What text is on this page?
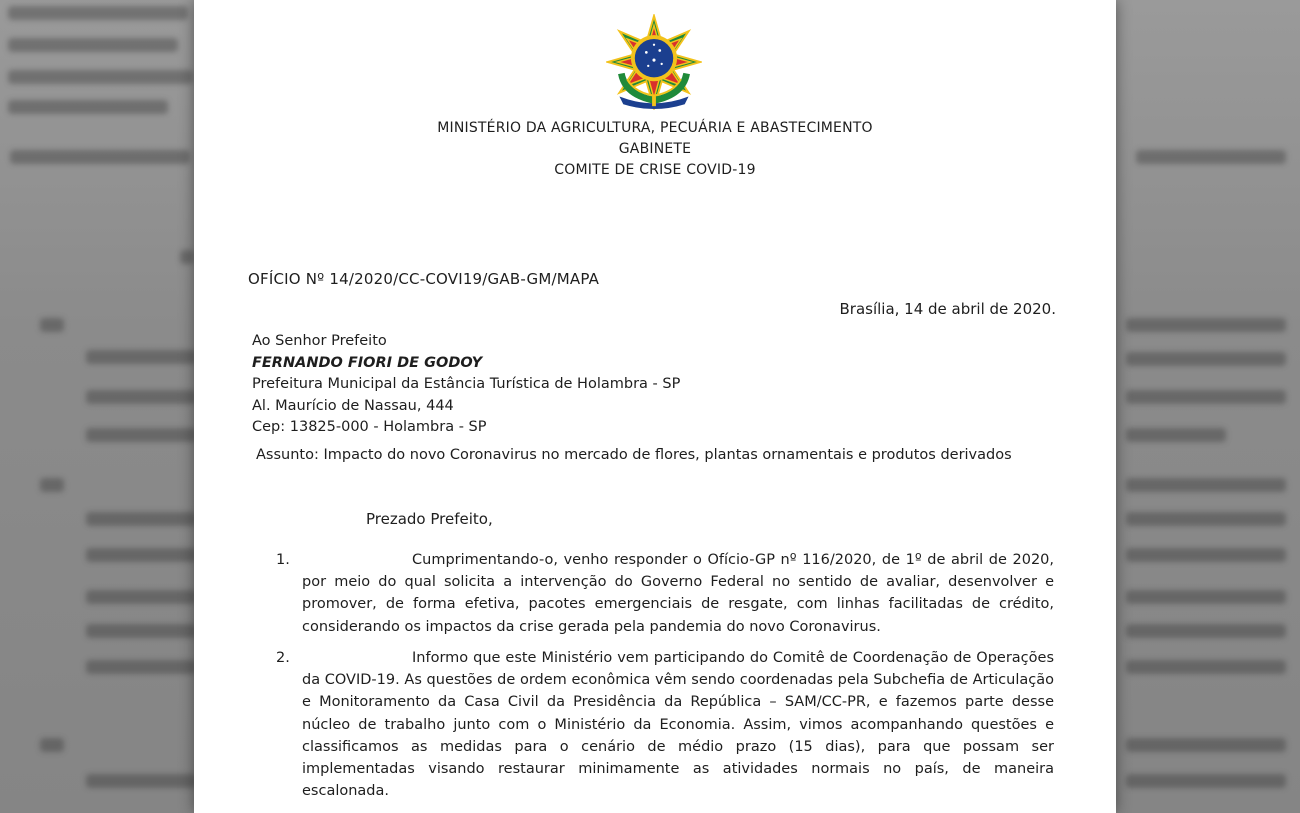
MINISTÉRIO DA AGRICULTURA, PECUÁRIA E ABASTECIMENTO
GABINETE
COMITE DE CRISE COVID-19
OFÍCIO Nº 14/2020/CC-COVI19/GAB-GM/MAPA
Brasília, 14 de abril de 2020.
Ao Senhor Prefeito
FERNANDO FIORI DE GODOY
Prefeitura Municipal da Estância Turística de Holambra - SP
Al. Maurício de Nassau, 444
Cep: 13825-000 - Holambra - SP
Assunto: Impacto do novo Coronavirus no mercado de flores, plantas ornamentais e produtos derivados
Prezado Prefeito,
1.	Cumprimentando-o, venho responder o Ofício-GP nº 116/2020, de 1º de abril de 2020, por meio do qual solicita a intervenção do Governo Federal no sentido de avaliar, desenvolver e promover, de forma efetiva, pacotes emergenciais de resgate, com linhas facilitadas de crédito, considerando os impactos da crise gerada pela pandemia do novo Coronavirus.
2.	Informo que este Ministério vem participando do Comitê de Coordenação de Operações da COVID-19. As questões de ordem econômica vêm sendo coordenadas pela Subchefia de Articulação e Monitoramento da Casa Civil da Presidência da República – SAM/CC-PR, e fazemos parte desse núcleo de trabalho junto com o Ministério da Economia. Assim, vimos acompanhando questões e classificamos as medidas para o cenário de médio prazo (15 dias), para que possam ser implementadas visando restaurar minimamente as atividades normais no país, de maneira escalonada.
